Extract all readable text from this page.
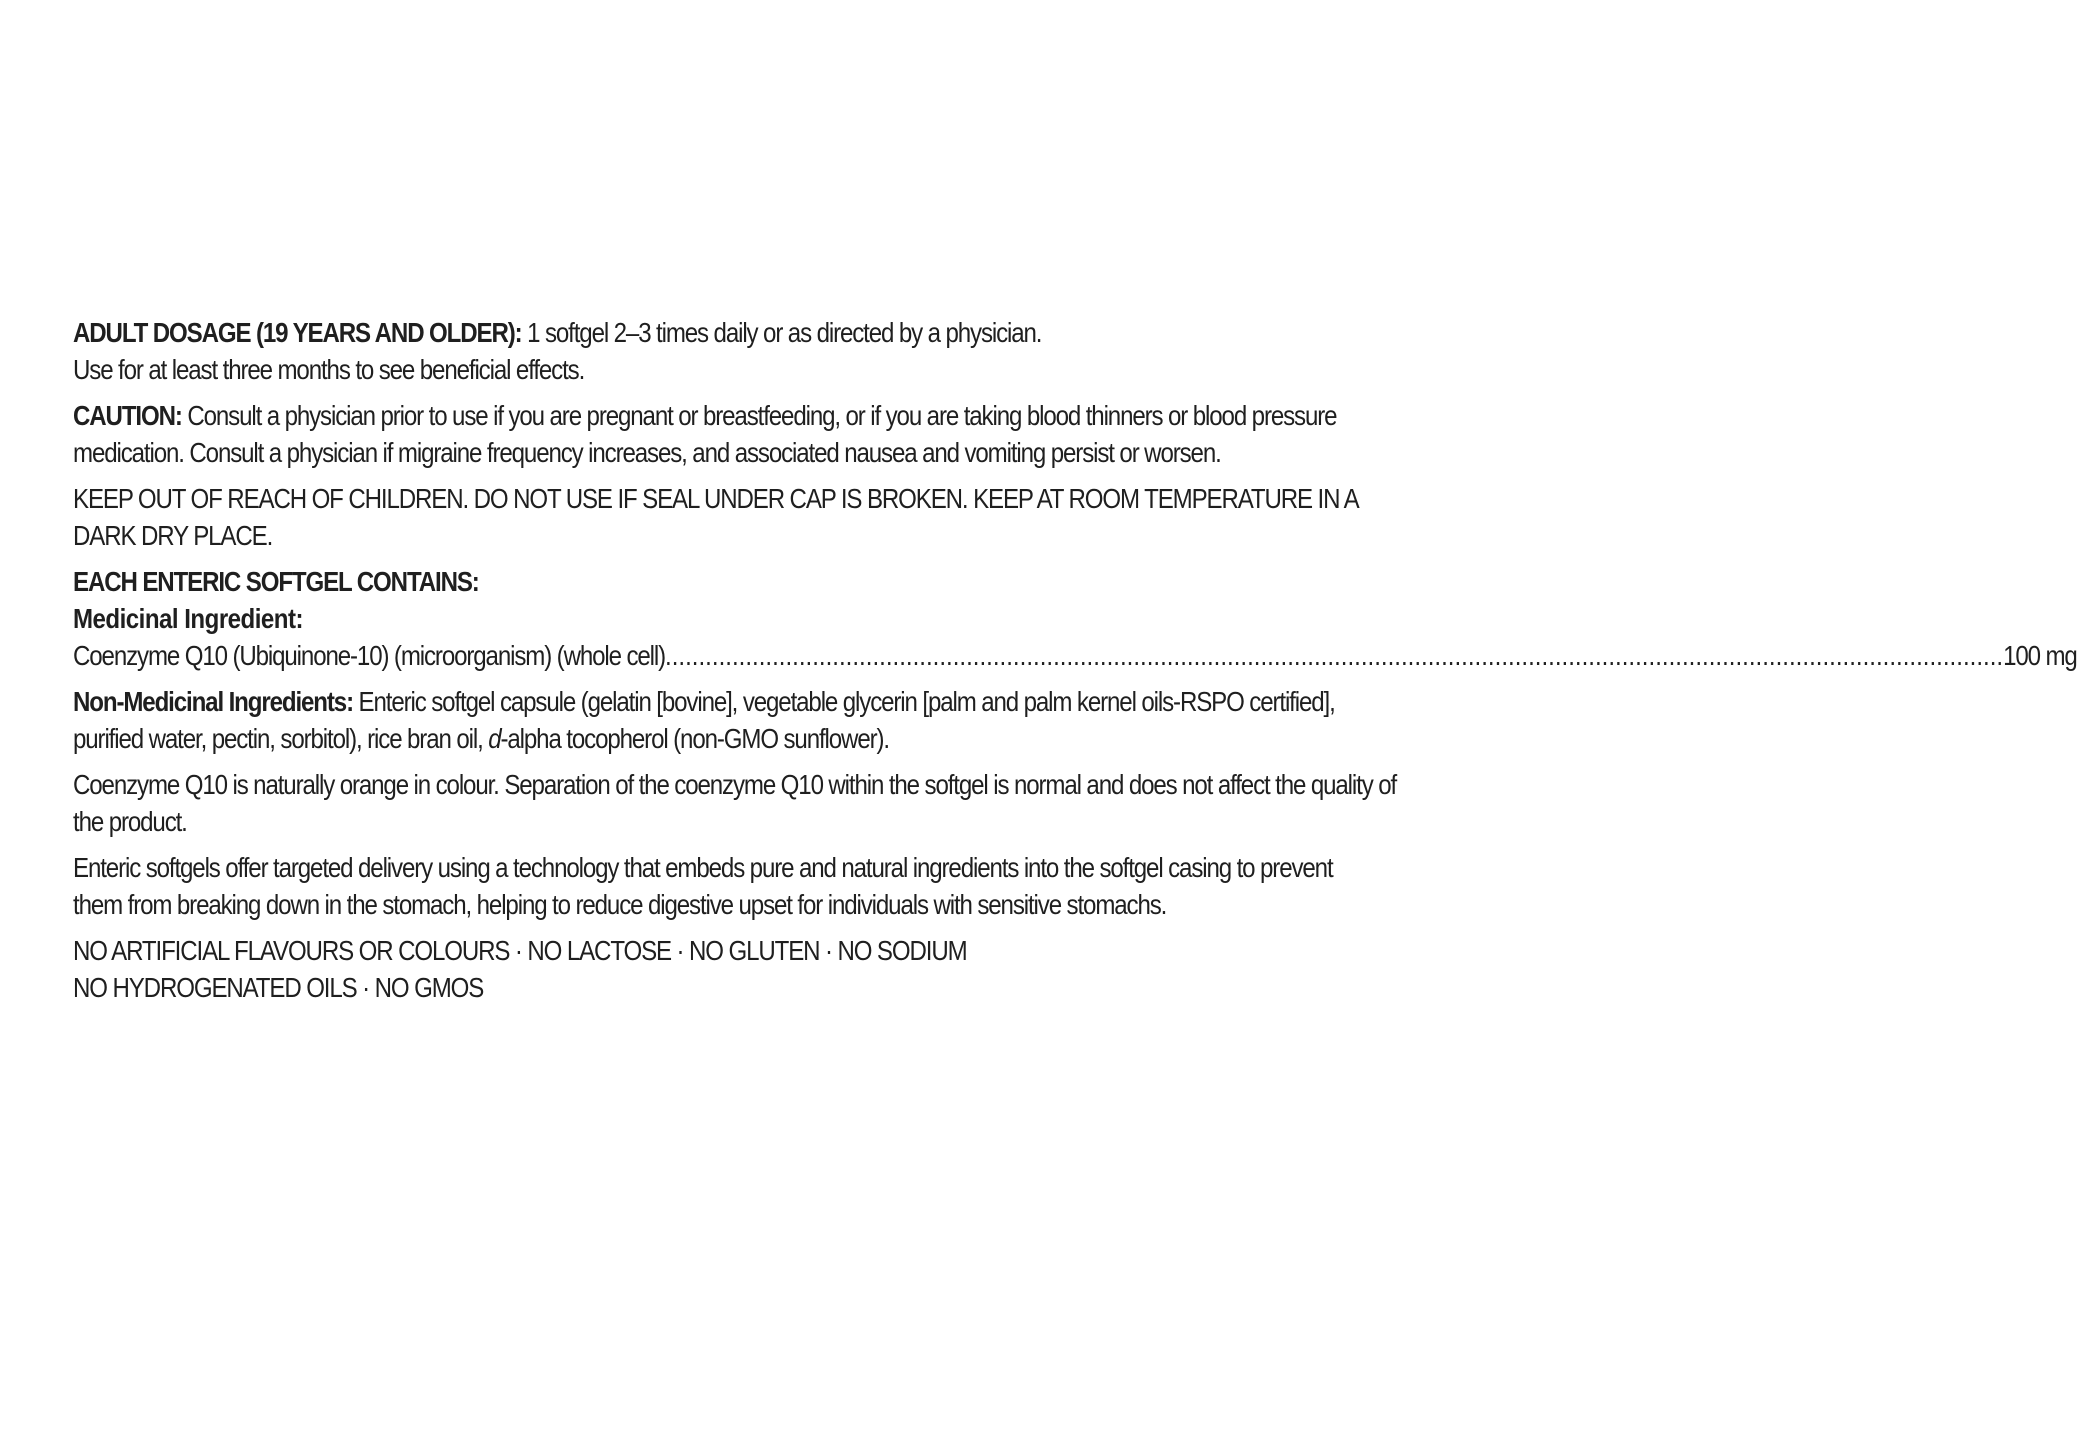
ADULT DOSAGE (19 YEARS AND OLDER): 1 softgel 2–3 times daily or as directed by a physician.
Use for at least three months to see beneficial effects.

CAUTION: Consult a physician prior to use if you are pregnant or breastfeeding, or if you are taking blood thinners or blood pressure medication. Consult a physician if migraine frequency increases, and associated nausea and vomiting persist or worsen.

KEEP OUT OF REACH OF CHILDREN. DO NOT USE IF SEAL UNDER CAP IS BROKEN. KEEP AT ROOM TEMPERATURE IN A DARK DRY PLACE.

EACH ENTERIC SOFTGEL CONTAINS:

Medicinal Ingredient:
Coenzyme Q10 (Ubiquinone-10) (microorganism) (whole cell) ........................................................................................................................................................................................................ 100 mg

Non-Medicinal Ingredients: Enteric softgel capsule (gelatin [bovine], vegetable glycerin [palm and palm kernel oils-RSPO certified], purified water, pectin, sorbitol), rice bran oil, d-alpha tocopherol (non-GMO sunflower).

Coenzyme Q10 is naturally orange in colour. Separation of the coenzyme Q10 within the softgel is normal and does not affect the quality of the product.

Enteric softgels offer targeted delivery using a technology that embeds pure and natural ingredients into the softgel casing to prevent them from breaking down in the stomach, helping to reduce digestive upset for individuals with sensitive stomachs.

NO ARTIFICIAL FLAVOURS OR COLOURS · NO LACTOSE · NO GLUTEN · NO SODIUM
NO HYDROGENATED OILS · NO GMOS
